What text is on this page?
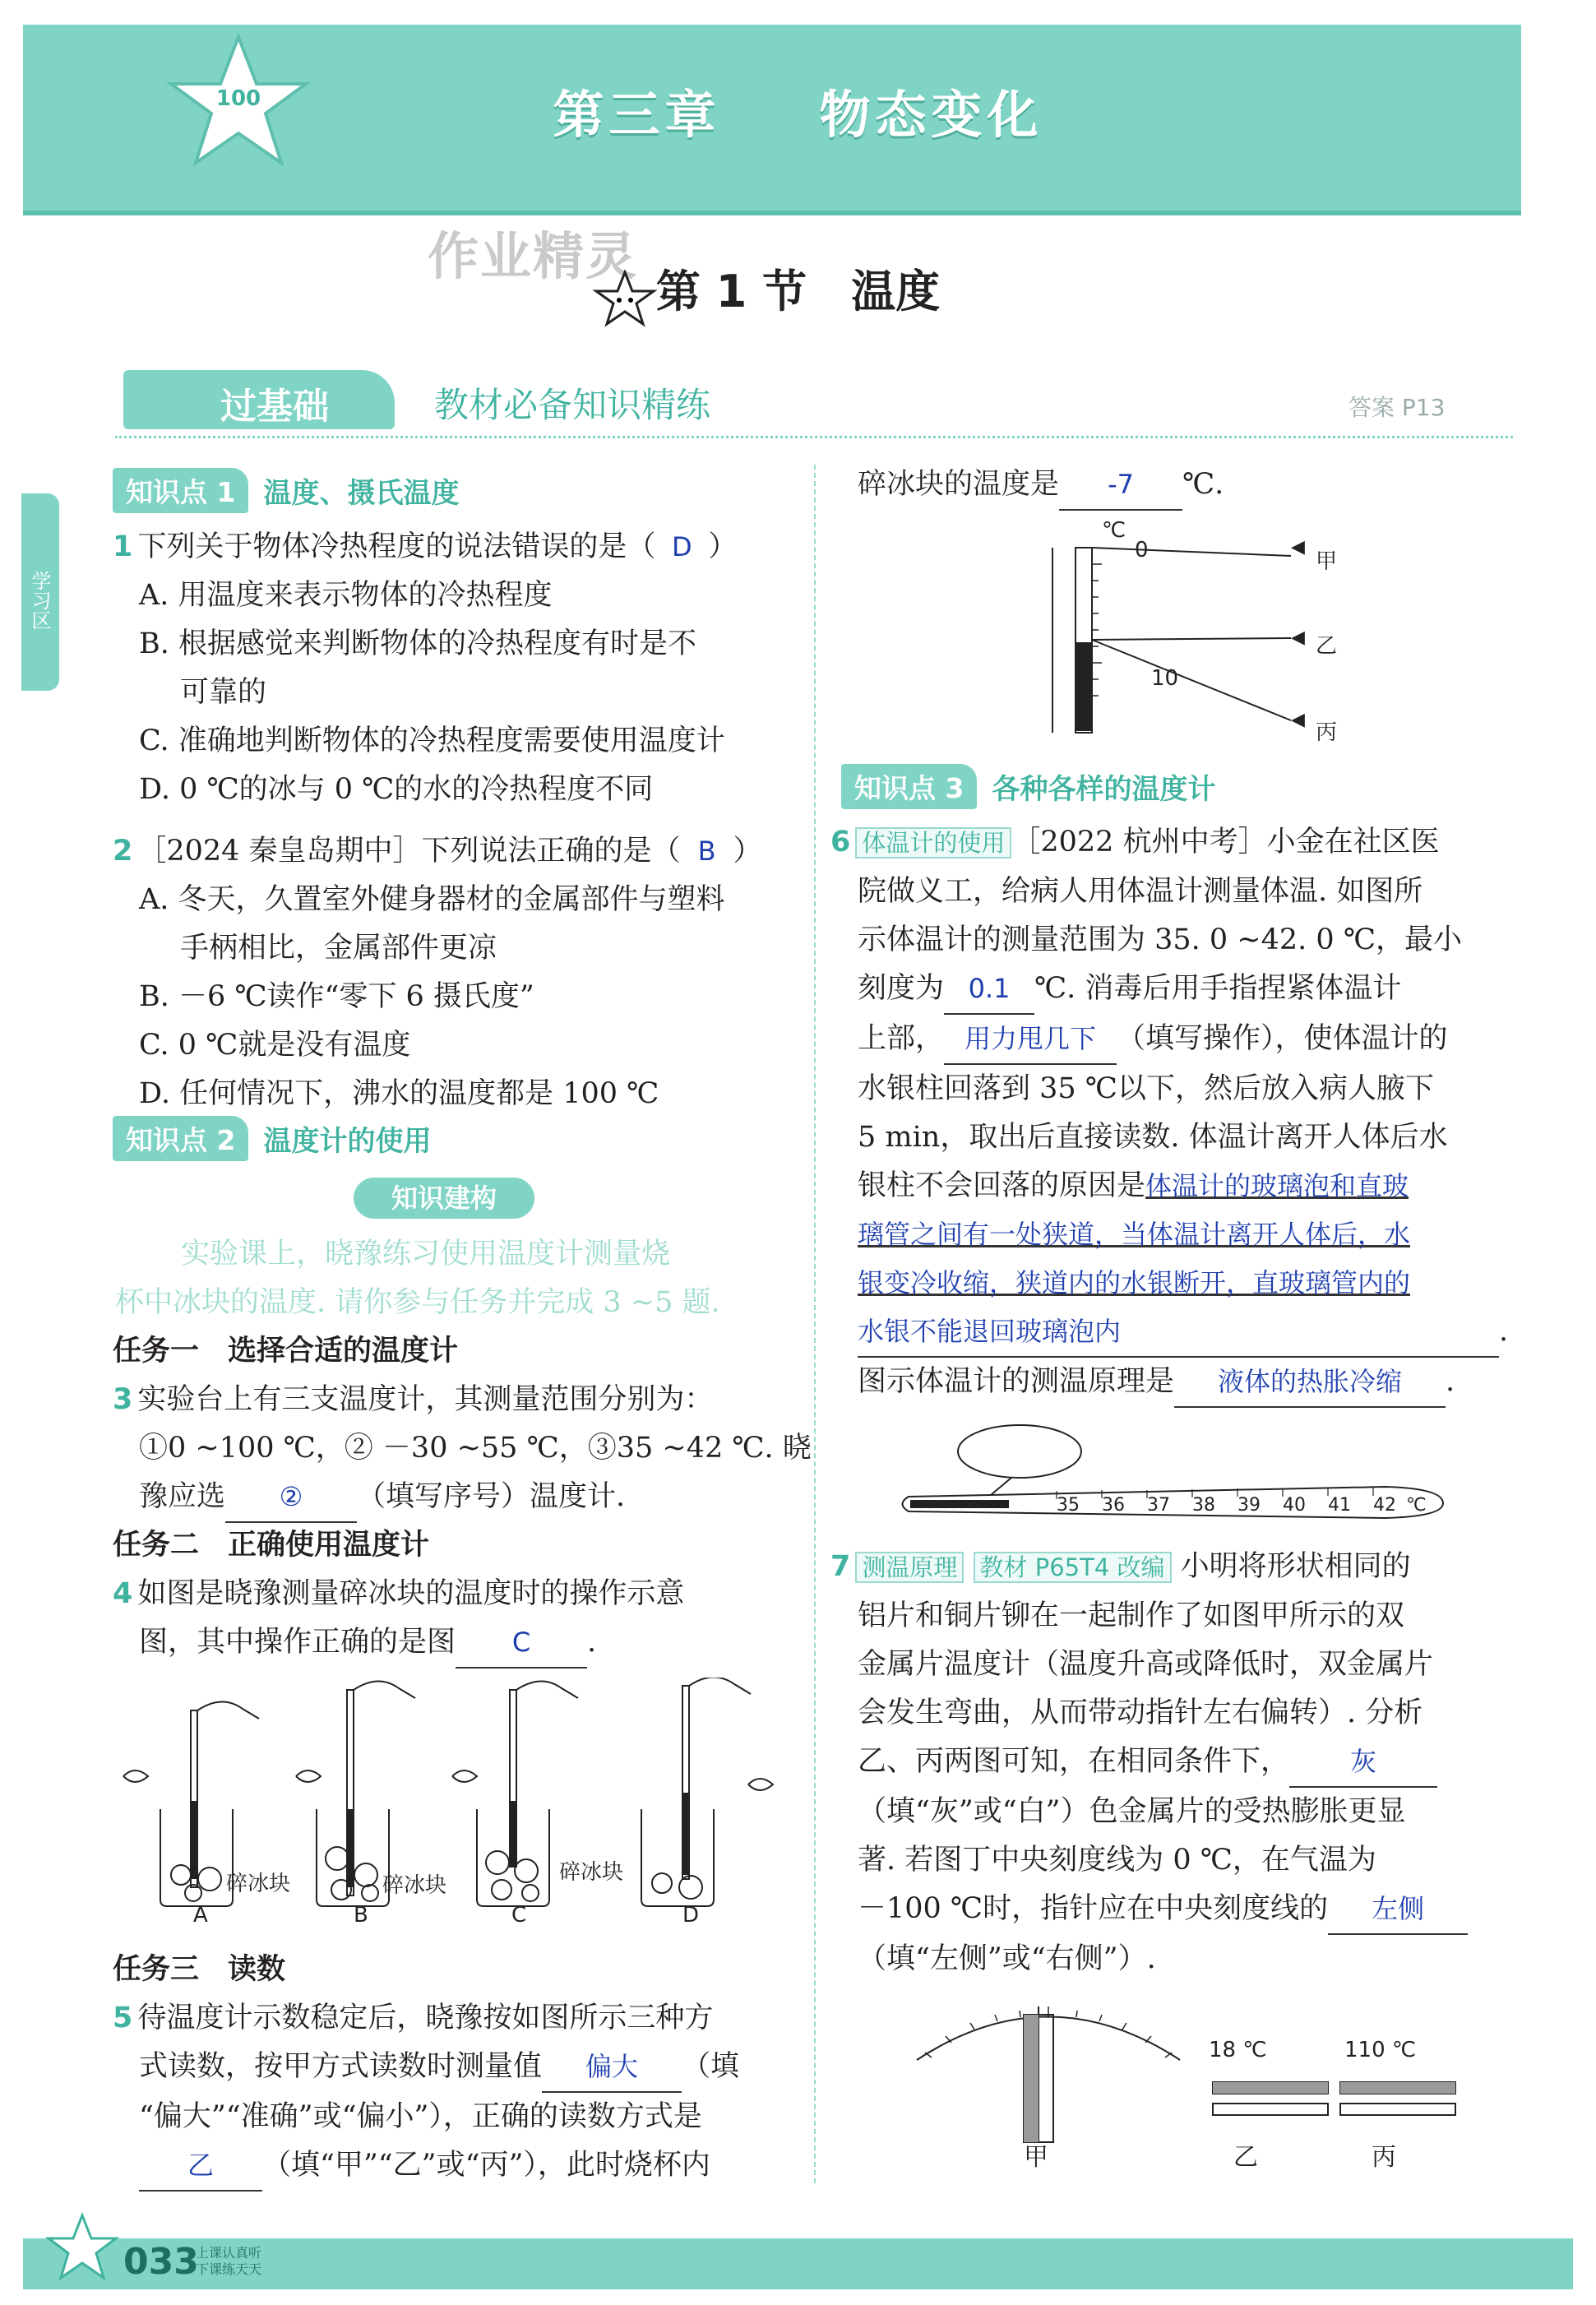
100	第三章 物态变化
作业精灵
第 1 节　温度
过基础	教材必备知识精练	答案 P13
学习区
知识点 1	温度、摄氏温度
1 下列关于物体冷热程度的说法错误的是（ D ）
A. 用温度来表示物体的冷热程度
B. 根据感觉来判断物体的冷热程度有时是不
可靠的
C. 准确地判断物体的冷热程度需要使用温度计
D. 0 ℃的冰与 0 ℃的水的冷热程度不同
2 ［2024 秦皇岛期中］下列说法正确的是（ B ）
A. 冬天，久置室外健身器材的金属部件与塑料
手柄相比，金属部件更凉
B. －6 ℃读作“零下 6 摄氏度”
C. 0 ℃就是没有温度
D. 任何情况下，沸水的温度都是 100 ℃
知识点 2	温度计的使用
知识建构
实验课上，晓豫练习使用温度计测量烧
杯中冰块的温度. 请你参与任务并完成 3 ~5 题.
任务一　选择合适的温度计
3 实验台上有三支温度计，其测量范围分别为：
①0 ~100 ℃，② －30 ~55 ℃，③35 ~42 ℃. 晓
豫应选 ② （填写序号）温度计.
任务二　正确使用温度计
4 如图是晓豫测量碎冰块的温度时的操作示意
图，其中操作正确的是图 C .
碎冰块	碎冰块
碎冰块
A	B	C	D
任务三　读数
5 待温度计示数稳定后，晓豫按如图所示三种方
式读数，按甲方式读数时测量值 偏大 （填
“偏大”“准确”或“偏小”），正确的读数方式是
乙 （填“甲”“乙”或“丙”），此时烧杯内
碎冰块的温度是 -7 ℃.
◀
◀
◀
℃
0
10
甲
乙
丙
知识点 3	各种各样的温度计
6 体温计的使用 ［2022 杭州中考］小金在社区医
院做义工，给病人用体温计测量体温. 如图所
示体温计的测量范围为 35. 0 ~42. 0 ℃，最小
刻度为 0.1 ℃. 消毒后用手指捏紧体温计
上部， 用力甩几下 （填写操作），使体温计的
水银柱回落到 35 ℃以下，然后放入病人腋下
5 min，取出后直接读数. 体温计离开人体后水
银柱不会回落的原因是体温计的玻璃泡和直玻
璃管之间有一处狭道，当体温计离开人体后，水
银变冷收缩，狭道内的水银断开，直玻璃管内的
水银不能退回玻璃泡内	.
图示体温计的测温原理是 液体的热胀冷缩 .
35 36 37 38 39 40 41 42 ℃
7 测温原理 教材 P65T4 改编 小明将形状相同的
铝片和铜片铆在一起制作了如图甲所示的双
金属片温度计（温度升高或降低时，双金属片
会发生弯曲，从而带动指针左右偏转）. 分析
乙、丙两图可知，在相同条件下， 灰
（填“灰”或“白”）色金属片的受热膨胀更显
著. 若图丁中央刻度线为 0 ℃，在气温为
－100 ℃时，指针应在中央刻度线的 左侧
（填“左侧”或“右侧”）.
18 ℃	110 ℃
甲	乙	丙
033
上课认真听
下课练天天
